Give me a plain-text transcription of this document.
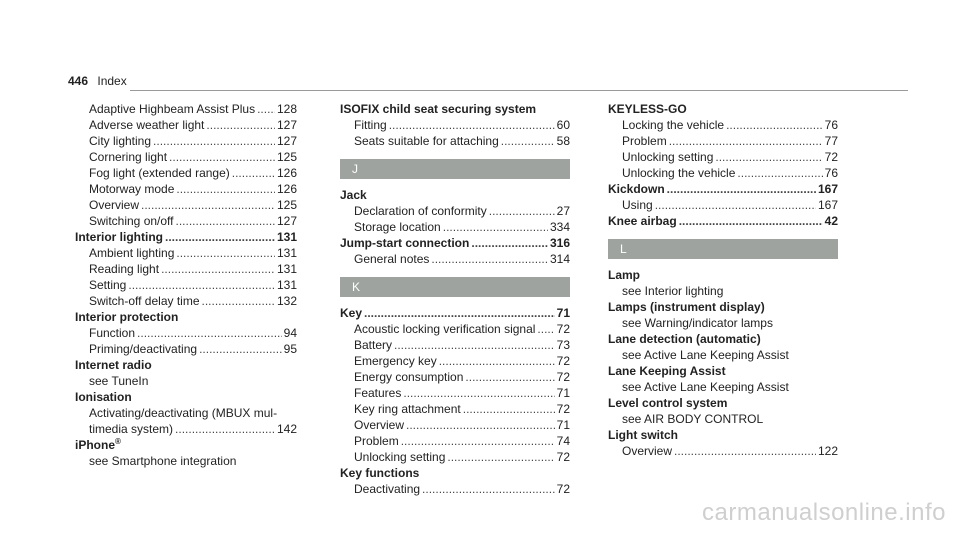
446 Index
Adaptive Highbeam Assist Plus ..... 128
Adverse weather light .....	127
City lighting .....	127
Cornering light .....	125
Fog light (extended range) .....	126
Motorway mode .....	126
Overview .....	125
Switching on/off .....	127
Interior lighting .....	131
Ambient lighting .....	131
Reading light .....	131
Setting .....	131
Switch-off delay time .....	132
Interior protection
Function .....	94
Priming/deactivating .....	95
Internet radio
see TuneIn
Ionisation
Activating/deactivating (MBUX mul-
timedia system) .....	142
iPhone®
see Smartphone integration
ISOFIX child seat securing system
Fitting .....	60
Seats suitable for attaching .....	58
J
Jack
Declaration of conformity .....	27
Storage location .....	334
Jump-start connection .....	316
General notes .....	314
K
Key .....	71
Acoustic locking verification signal ..... 72
Battery .....	73
Emergency key .....	72
Energy consumption .....	72
Features .....	71
Key ring attachment .....	72
Overview .....	71
Problem .....	74
Unlocking setting .....	72
Key functions
Deactivating .....	72
KEYLESS-GO
Locking the vehicle .....	76
Problem .....	77
Unlocking setting .....	72
Unlocking the vehicle .....	76
Kickdown .....	167
Using .....	167
Knee airbag .....	42
L
Lamp
see Interior lighting
Lamps (instrument display)
see Warning/indicator lamps
Lane detection (automatic)
see Active Lane Keeping Assist
Lane Keeping Assist
see Active Lane Keeping Assist
Level control system
see AIR BODY CONTROL
Light switch
Overview .....	122
carmanualsonline.info
